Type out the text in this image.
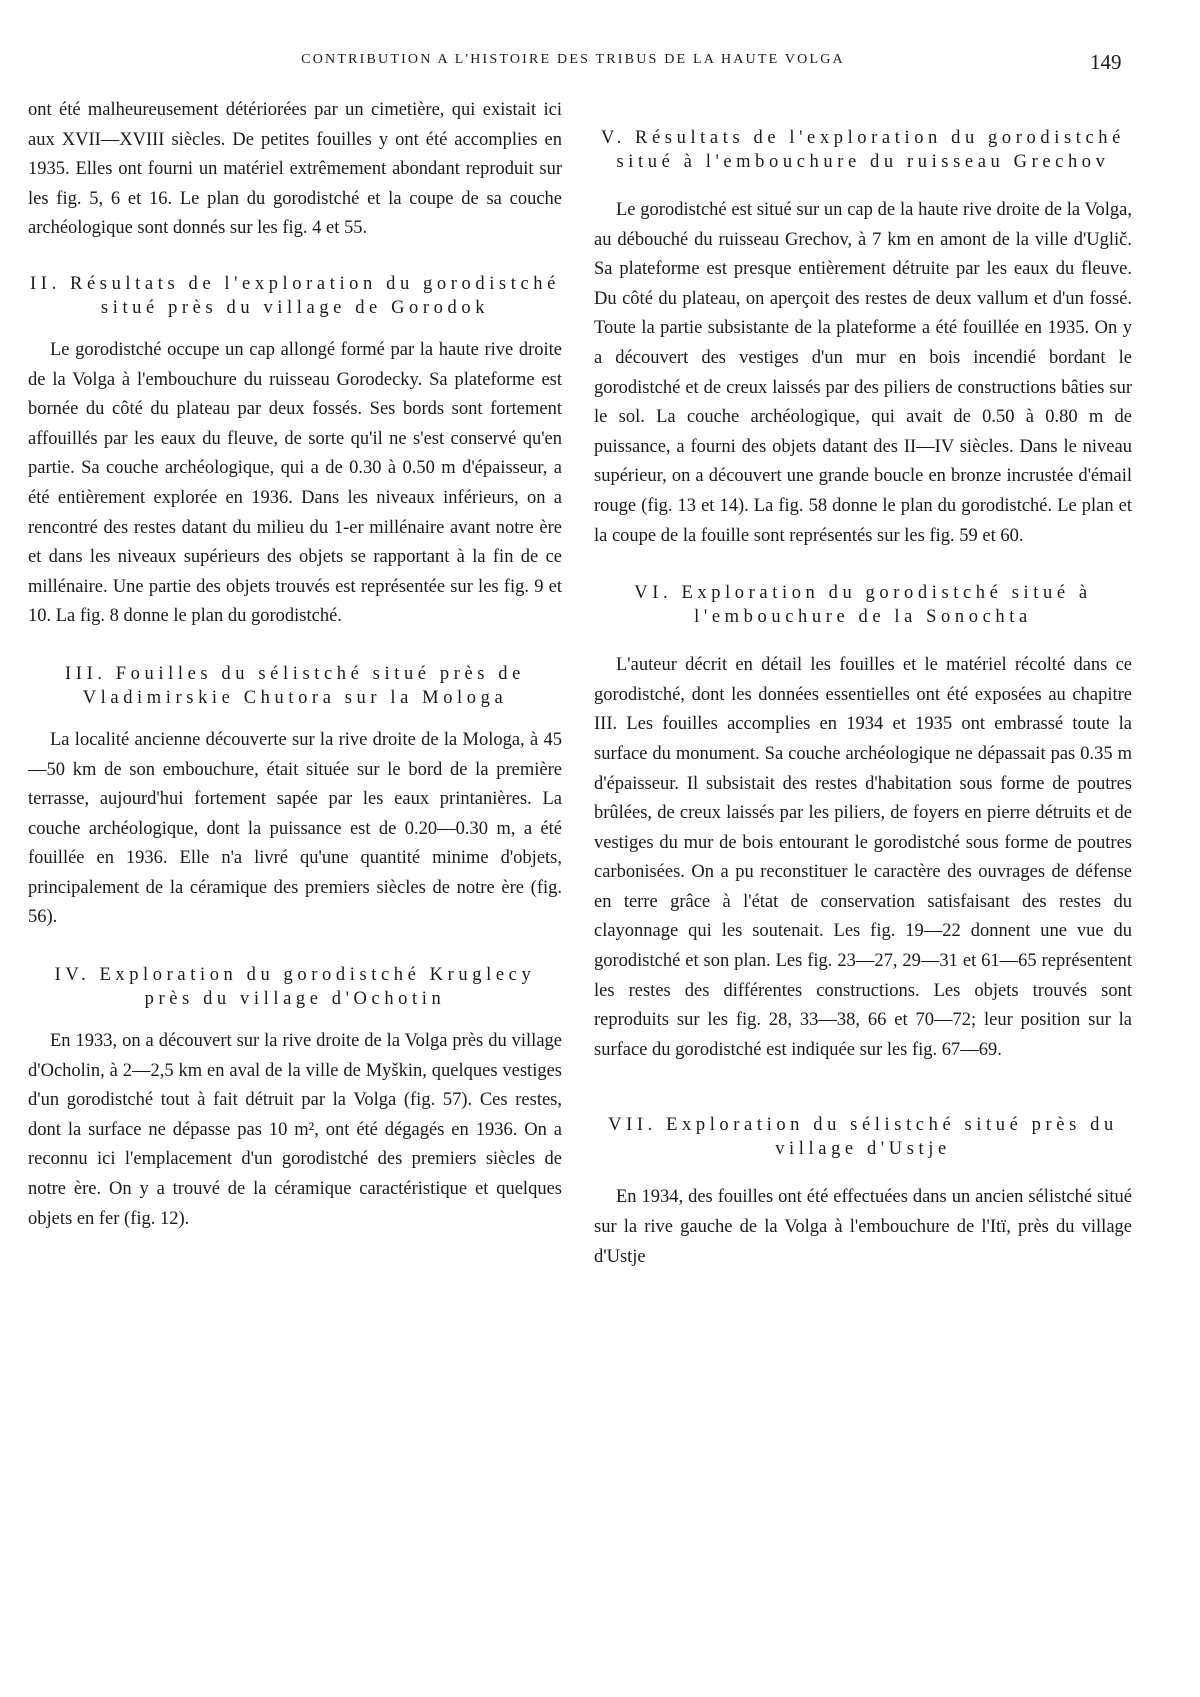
CONTRIBUTION A L'HISTOIRE DES TRIBUS DE LA HAUTE VOLGA	149

ont été malheureusement détériorées par un cimetière, qui existait ici aux XVII—XVIII siècles. De petites fouilles y ont été accomplies en 1935. Elles ont fourni un matériel extrêmement abondant reproduit sur les fig. 5, 6 et 16. Le plan du gorodistché et la coupe de sa couche archéologique sont donnés sur les fig. 4 et 55.

II. Résultats de l'exploration du gorodistché situé près du village de Gorodok

Le gorodistché occupe un cap allongé formé par la haute rive droite de la Volga à l'embouchure du ruisseau Gorodecky. Sa plateforme est bornée du côté du plateau par deux fossés. Ses bords sont fortement affouillés par les eaux du fleuve, de sorte qu'il ne s'est conservé qu'en partie. Sa couche archéologique, qui a de 0.30 à 0.50 m d'épaisseur, a été entièrement explorée en 1936. Dans les niveaux inférieurs, on a rencontré des restes datant du milieu du 1-er millénaire avant notre ère et dans les niveaux supérieurs des objets se rapportant à la fin de ce millénaire. Une partie des objets trouvés est représentée sur les fig. 9 et 10. La fig. 8 donne le plan du gorodistché.

III. Fouilles du sélistché situé près de Vladimirskie Chutora sur la Mologa

La localité ancienne découverte sur la rive droite de la Mologa, à 45—50 km de son embouchure, était située sur le bord de la première terrasse, aujourd'hui fortement sapée par les eaux printanières. La couche archéologique, dont la puissance est de 0.20—0.30 m, a été fouillée en 1936. Elle n'a livré qu'une quantité minime d'objets, principalement de la céramique des premiers siècles de notre ère (fig. 56).

IV. Exploration du gorodistché Kruglecy près du village d'Ochotin

En 1933, on a découvert sur la rive droite de la Volga près du village d'Ocholin, à 2—2,5 km en aval de la ville de Myškin, quelques vestiges d'un gorodistché tout à fait détruit par la Volga (fig. 57). Ces restes, dont la surface ne dépasse pas 10 m², ont été dégagés en 1936. On a reconnu ici l'emplacement d'un gorodistché des premiers siècles de notre ère. On y a trouvé de la céramique caractéristique et quelques objets en fer (fig. 12).

V. Résultats de l'exploration du gorodistché situé à l'embouchure du ruisseau Grechov

Le gorodistché est situé sur un cap de la haute rive droite de la Volga, au débouché du ruisseau Grechov, à 7 km en amont de la ville d'Uglič. Sa plateforme est presque entièrement détruite par les eaux du fleuve. Du côté du plateau, on aperçoit des restes de deux vallum et d'un fossé. Toute la partie subsistante de la plateforme a été fouillée en 1935. On y a découvert des vestiges d'un mur en bois incendié bordant le gorodistché et de creux laissés par des piliers de constructions bâties sur le sol. La couche archéologique, qui avait de 0.50 à 0.80 m de puissance, a fourni des objets datant des II—IV siècles. Dans le niveau supérieur, on a découvert une grande boucle en bronze incrustée d'émail rouge (fig. 13 et 14). La fig. 58 donne le plan du gorodistché. Le plan et la coupe de la fouille sont représentés sur les fig. 59 et 60.

VI. Exploration du gorodistché situé à l'embouchure de la Sonochta

L'auteur décrit en détail les fouilles et le matériel récolté dans ce gorodistché, dont les données essentielles ont été exposées au chapitre III. Les fouilles accomplies en 1934 et 1935 ont embrassé toute la surface du monument. Sa couche archéologique ne dépassait pas 0.35 m d'épaisseur. Il subsistait des restes d'habitation sous forme de poutres brûlées, de creux laissés par les piliers, de foyers en pierre détruits et de vestiges du mur de bois entourant le gorodistché sous forme de poutres carbonisées. On a pu reconstituer le caractère des ouvrages de défense en terre grâce à l'état de conservation satisfaisant des restes du clayonnage qui les soutenait. Les fig. 19—22 donnent une vue du gorodistché et son plan. Les fig. 23—27, 29—31 et 61—65 représentent les restes des différentes constructions. Les objets trouvés sont reproduits sur les fig. 28, 33—38, 66 et 70—72; leur position sur la surface du gorodistché est indiquée sur les fig. 67—69.

VII. Exploration du sélistché situé près du village d'Ustje

En 1934, des fouilles ont été effectuées dans un ancien sélistché situé sur la rive gauche de la Volga à l'embouchure de l'Itï, près du village d'Ustje
